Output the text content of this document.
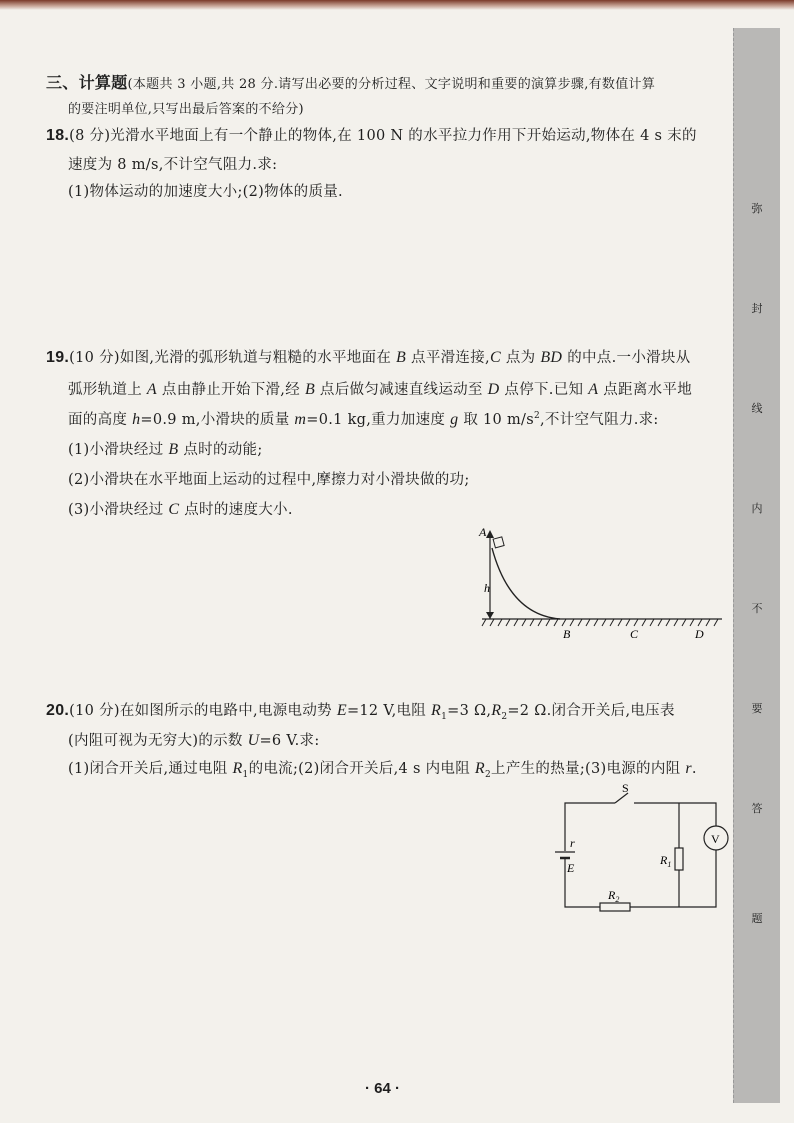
弥
封
线
内
不
要
答
题
三、计算题(本题共 3 小题,共 28 分.请写出必要的分析过程、文字说明和重要的演算步骤,有数值计算
的要注明单位,只写出最后答案的不给分)
18.(8 分)光滑水平地面上有一个静止的物体,在 100 N 的水平拉力作用下开始运动,物体在 4 s 末的
速度为 8 m/s,不计空气阻力.求:
(1)物体运动的加速度大小;(2)物体的质量.
19.(10 分)如图,光滑的弧形轨道与粗糙的水平地面在 B 点平滑连接,C 点为 BD 的中点.一小滑块从
弧形轨道上 A 点由静止开始下滑,经 B 点后做匀减速直线运动至 D 点停下.已知 A 点距离水平地
面的高度 h=0.9 m,小滑块的质量 m=0.1 kg,重力加速度 g 取 10 $m/s^2$,不计空气阻力.求:
(1)小滑块经过 B 点时的动能;
(2)小滑块在水平地面上运动的过程中,摩擦力对小滑块做的功;
(3)小滑块经过 C 点时的速度大小.
A
h
B	C	D
20.(10 分)在如图所示的电路中,电源电动势 E=12 V,电阻 $R_1=3$ $\Omega,R_2=2$ Ω.闭合开关后,电压表
(内阻可视为无穷大)的示数 U=6 V.求:
(1)闭合开关后,通过电阻 $R_1$的电流;(2)闭合开关后,4 s 内电阻 $R_2$上产生的热量;(3)电源的内阻 r.
S
V
r
E
$R_1$
$R_2$
· 64 ·
